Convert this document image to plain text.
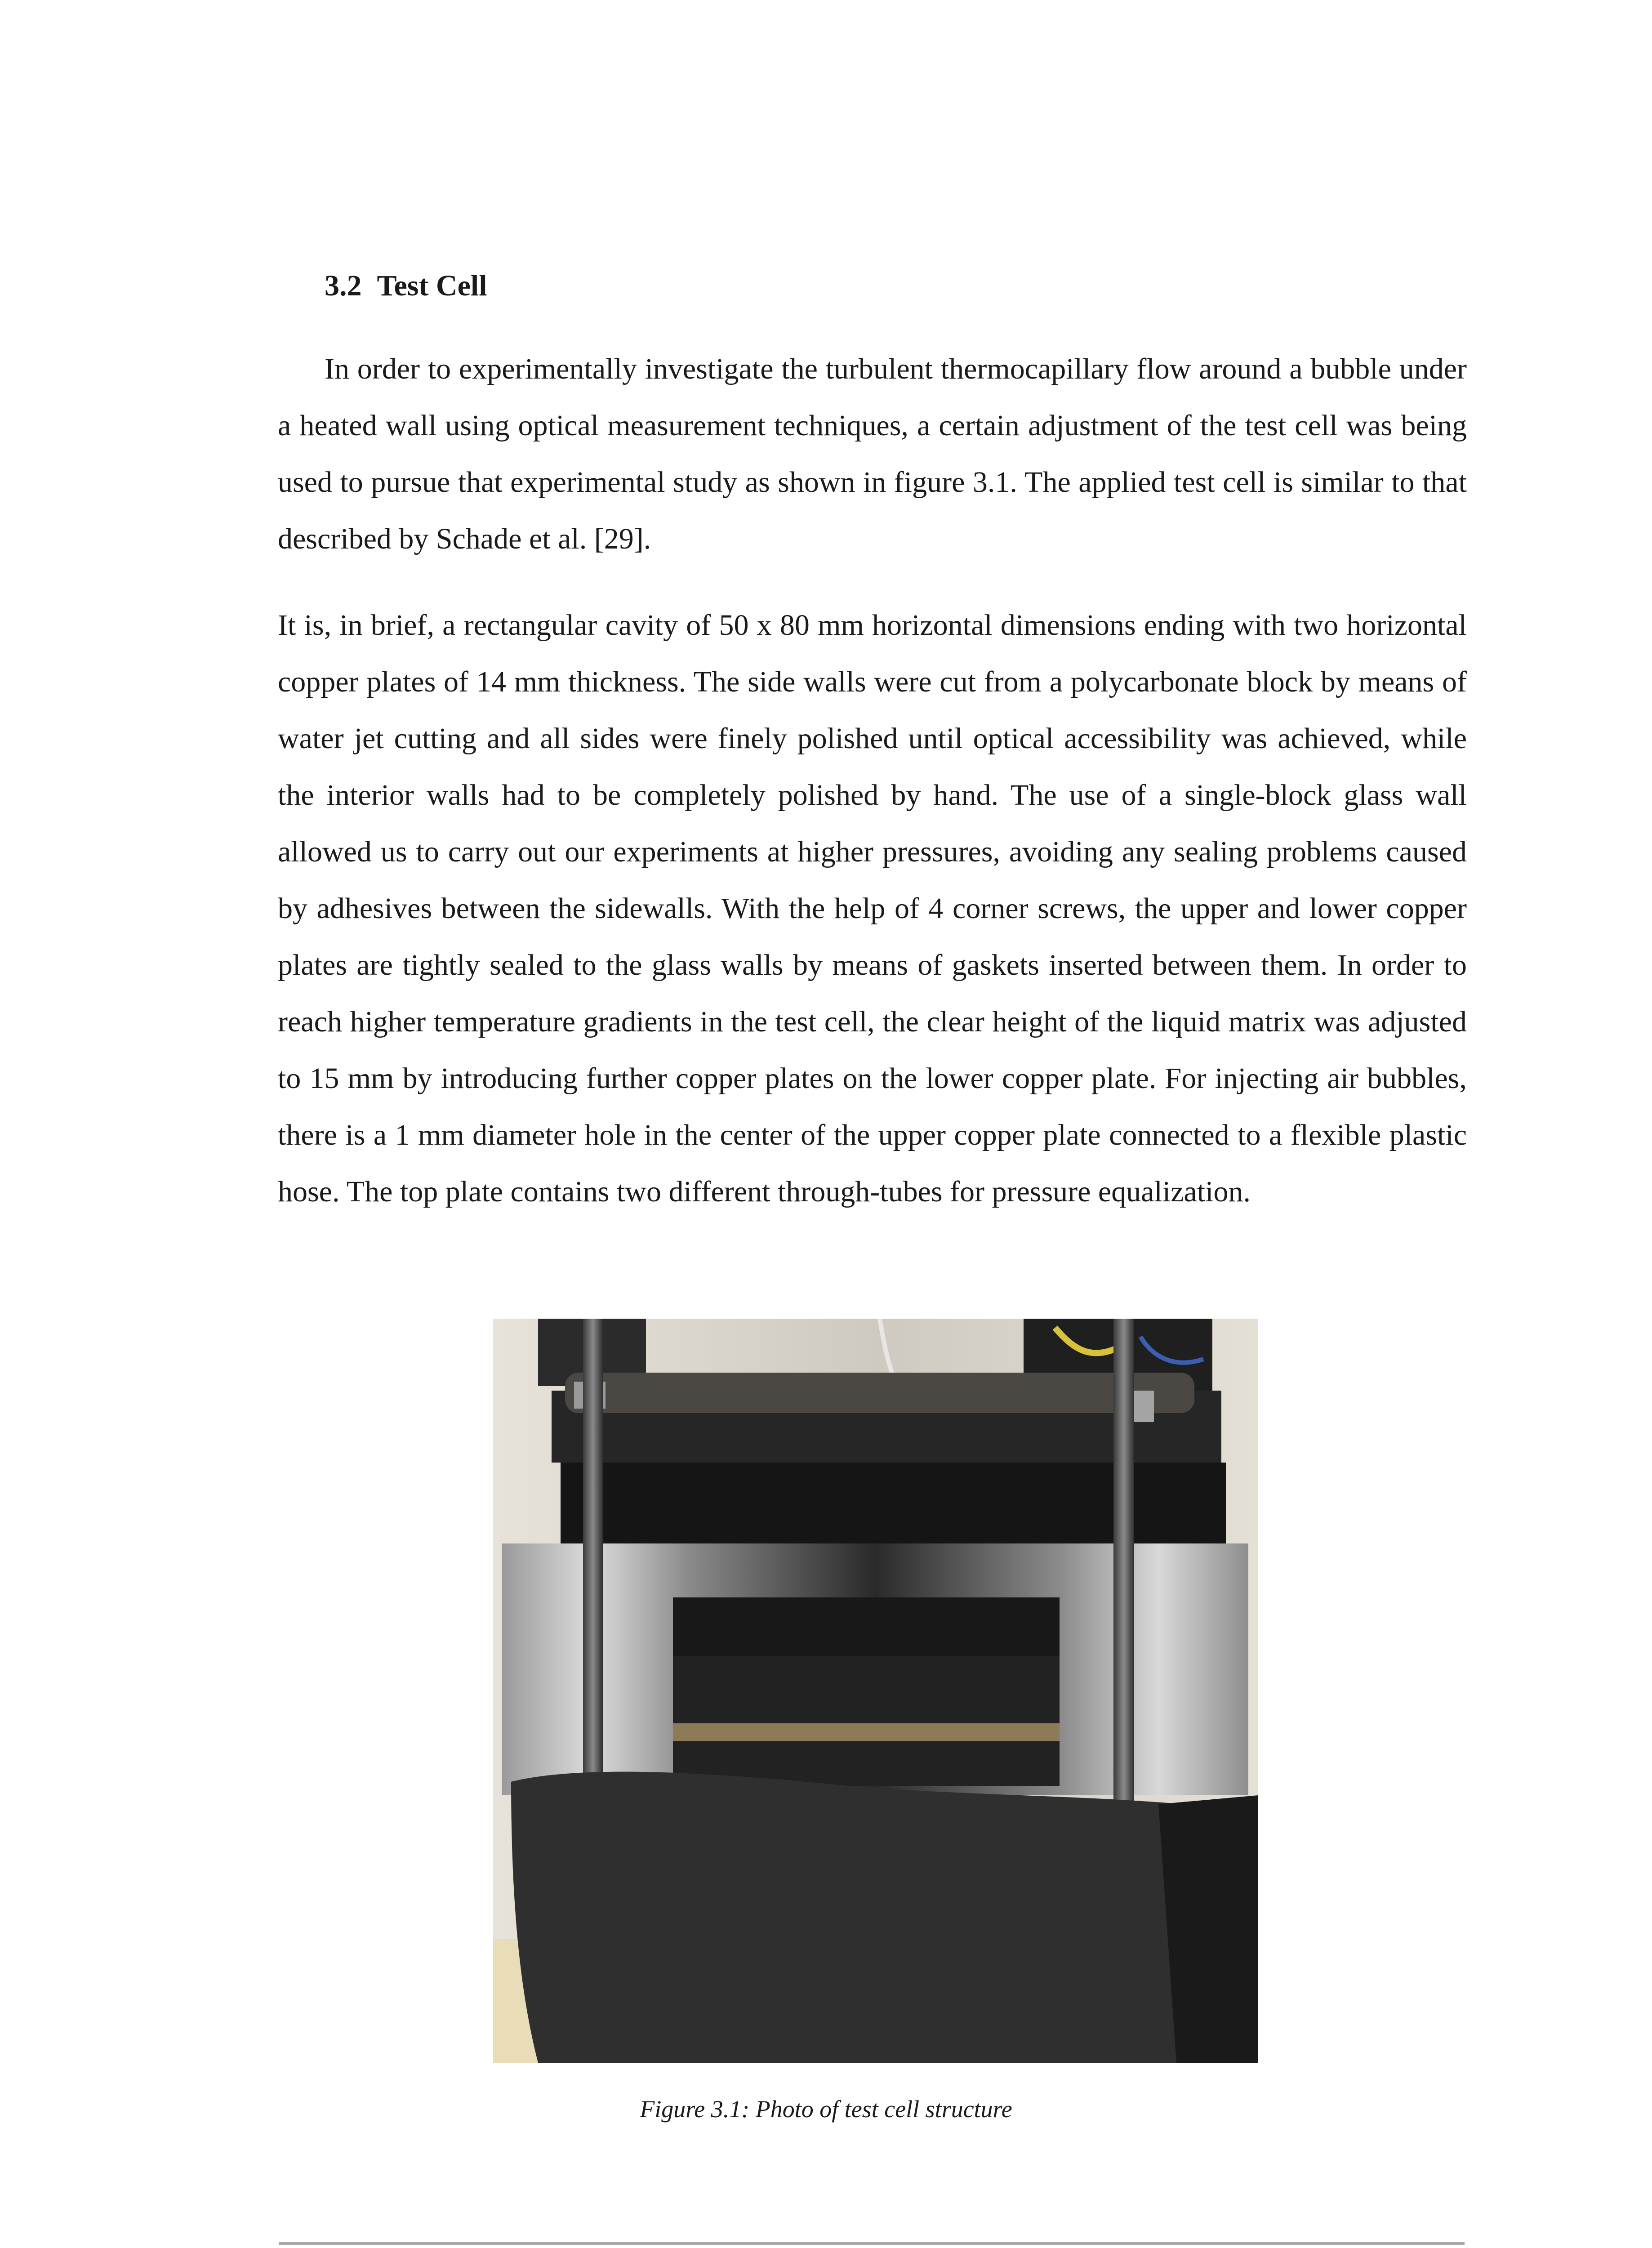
3.2 Test Cell

In order to experimentally investigate the turbulent thermocapillary flow around a bubble under a heated wall using optical measurement techniques, a certain adjustment of the test cell was being used to pursue that experimental study as shown in figure 3.1. The applied test cell is similar to that described by Schade et al. [29].

It is, in brief, a rectangular cavity of 50 x 80 mm horizontal dimensions ending with two horizontal copper plates of 14 mm thickness. The side walls were cut from a polycarbonate block by means of water jet cutting and all sides were finely polished until optical accessibility was achieved, while the interior walls had to be completely polished by hand. The use of a single-block glass wall allowed us to carry out our experiments at higher pressures, avoiding any sealing problems caused by adhesives between the sidewalls. With the help of 4 corner screws, the upper and lower copper plates are tightly sealed to the glass walls by means of gaskets inserted between them. In order to reach higher temperature gradients in the test cell, the clear height of the liquid matrix was adjusted to 15 mm by introducing further copper plates on the lower copper plate. For injecting air bubbles, there is a 1 mm diameter hole in the center of the upper copper plate connected to a flexible plastic hose. The top plate contains two different through-tubes for pressure equalization.

Figure 3.1: Photo of test cell structure
